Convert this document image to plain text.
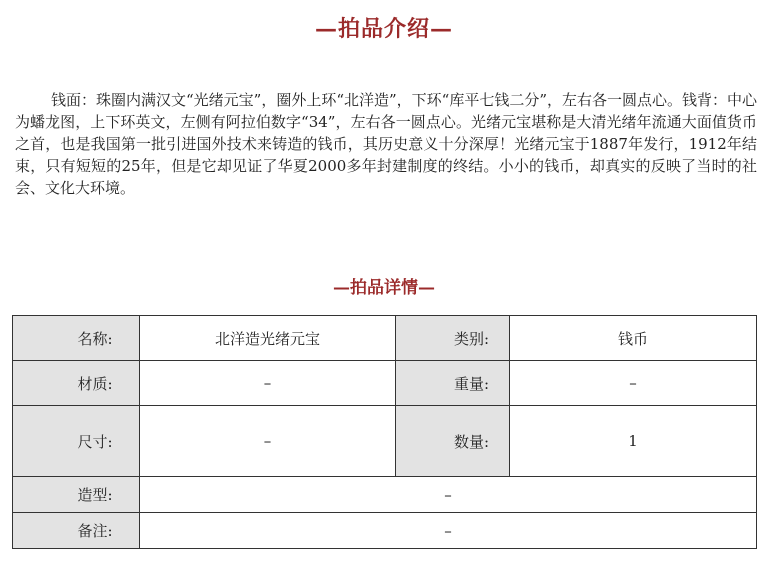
—拍品介绍—

钱面：珠圈内满汉文“光绪元宝”，圈外上环“北洋造”，下环“库平七钱二分”，左右各一圆点心。钱背：中心为蟠龙图，上下环英文，左侧有阿拉伯数字“34”，左右各一圆点心。光绪元宝堪称是大清光绪年流通大面值货币之首，也是我国第一批引进国外技术来铸造的钱币，其历史意义十分深厚！光绪元宝于1887年发行，1912年结束，只有短短的25年，但是它却见证了华夏2000多年封建制度的终结。小小的钱币，却真实的反映了当时的社会、文化大环境。

—拍品详情—
名称:	北洋造光绪元宝	类别:	钱币
材质:	–	重量:	–
尺寸:	–	数量:	1
造型:	–		
备注:	–		
